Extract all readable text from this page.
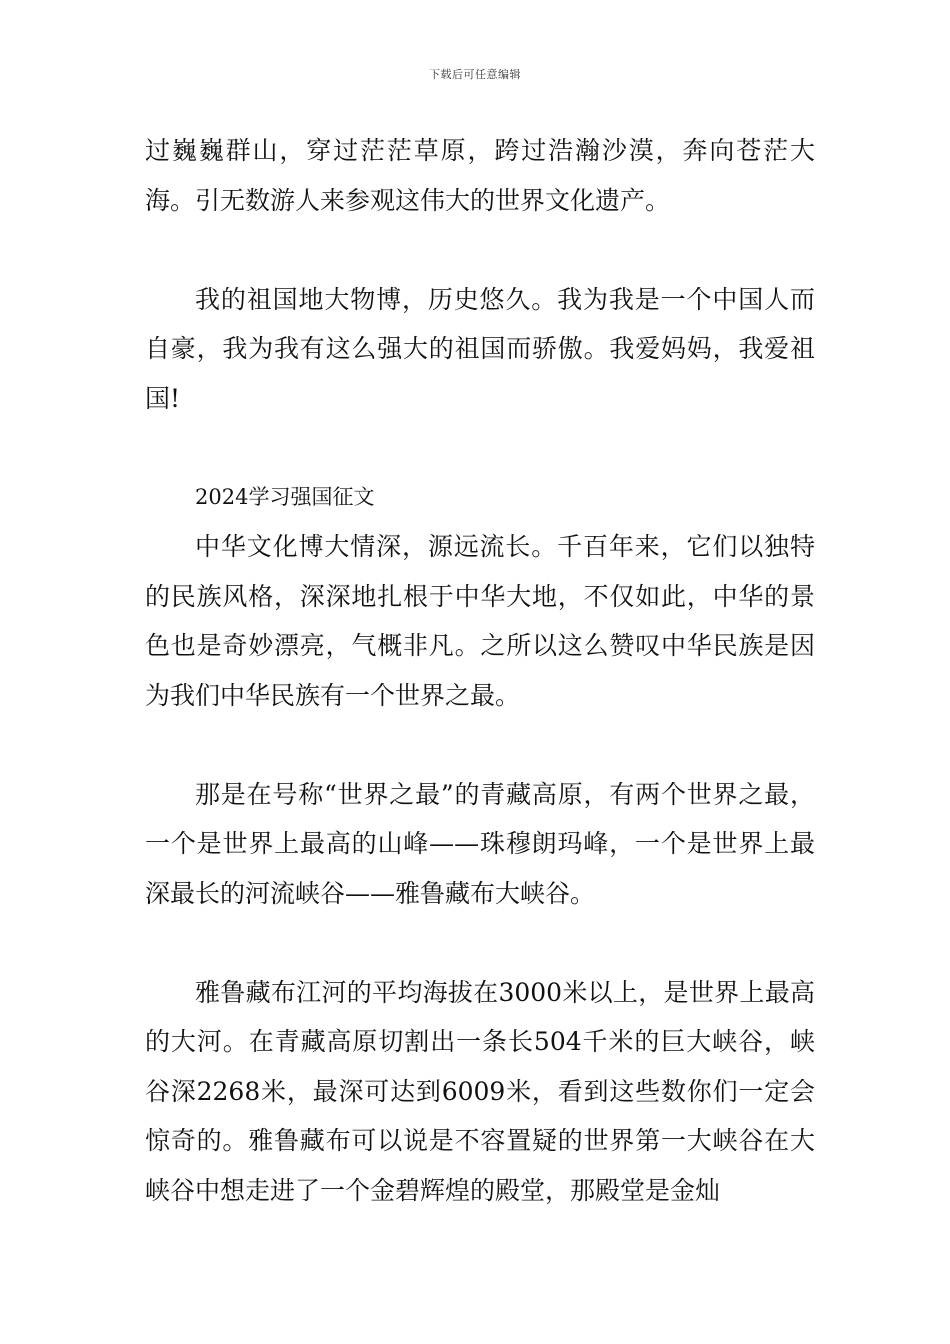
下载后可任意编辑

过巍巍群山，穿过茫茫草原，跨过浩瀚沙漠，奔向苍茫大海。引无数游人来参观这伟大的世界文化遗产。

我的祖国地大物博，历史悠久。我为我是一个中国人而自豪，我为我有这么强大的祖国而骄傲。我爱妈妈，我爱祖国!

2024学习强国征文

中华文化博大情深，源远流长。千百年来，它们以独特的民族风格，深深地扎根于中华大地，不仅如此，中华的景色也是奇妙漂亮，气概非凡。之所以这么赞叹中华民族是因为我们中华民族有一个世界之最。

那是在号称“世界之最”的青藏高原，有两个世界之最，一个是世界上最高的山峰——珠穆朗玛峰，一个是世界上最深最长的河流峡谷——雅鲁藏布大峡谷。

雅鲁藏布江河的平均海拔在3000米以上，是世界上最高的大河。在青藏高原切割出一条长504千米的巨大峡谷，峡谷深2268米，最深可达到6009米，看到这些数你们一定会惊奇的。雅鲁藏布可以说是不容置疑的世界第一大峡谷在大峡谷中想走进了一个金碧辉煌的殿堂，那殿堂是金灿
